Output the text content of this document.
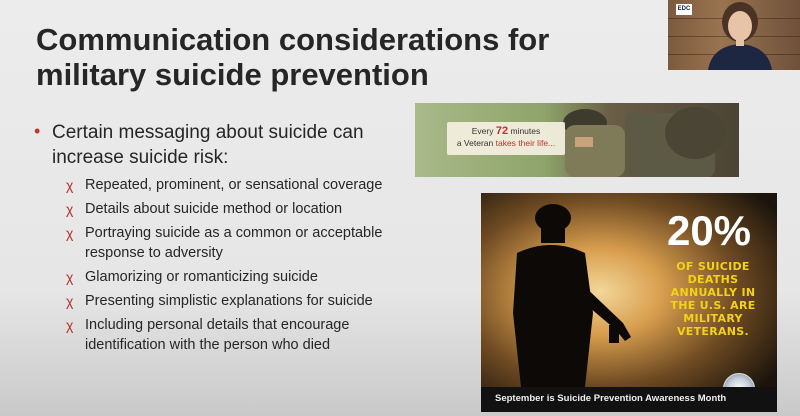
Communication considerations for military suicide prevention
• Certain messaging about suicide can increase suicide risk:
χ Repeated, prominent, or sensational coverage
χ Details about suicide method or location
χ Portraying suicide as a common or acceptable response to adversity
χ Glamorizing or romanticizing suicide
χ Presenting simplistic explanations for suicide
χ Including personal details that encourage identification with the person who died
Every 72 minutes
a Veteran takes their life...
20%
OF SUICIDE
DEATHS
ANNUALLY IN
THE U.S. ARE
MILITARY
VETERANS.
September is Suicide Prevention Awareness Month
EDC
